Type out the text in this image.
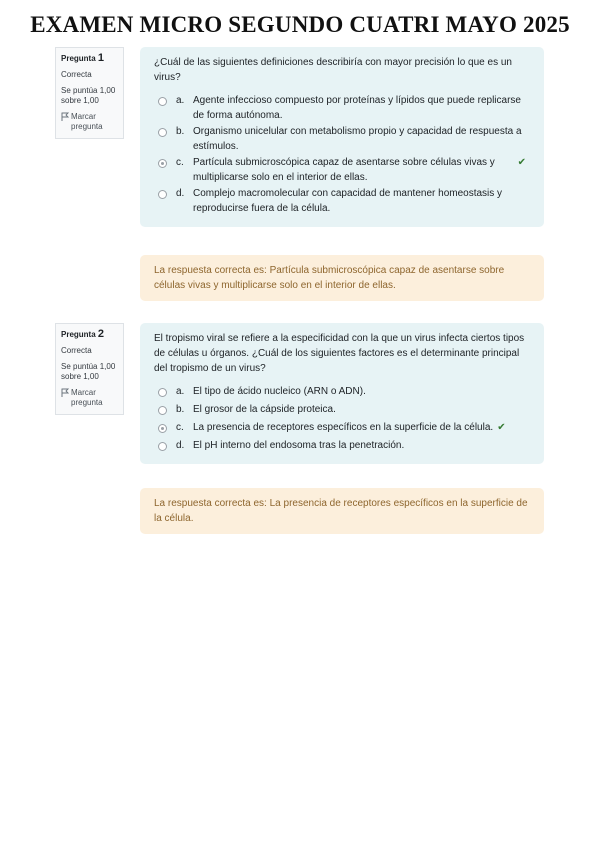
EXAMEN MICRO SEGUNDO CUATRI MAYO 2025
Pregunta 1
Correcta
Se puntúa 1,00 sobre 1,00
Marcar pregunta
¿Cuál de las siguientes definiciones describiría con mayor precisión lo que es un virus?
a. Agente infeccioso compuesto por proteínas y lípidos que puede replicarse de forma autónoma.
b. Organismo unicelular con metabolismo propio y capacidad de respuesta a estímulos.
c. Partícula submicroscópica capaz de asentarse sobre células vivas y multiplicarse solo en el interior de ellas.
✔
d. Complejo macromolecular con capacidad de mantener homeostasis y reproducirse fuera de la célula.
La respuesta correcta es: Partícula submicroscópica capaz de asentarse sobre células vivas y multiplicarse solo en el interior de ellas.
Pregunta 2
Correcta
Se puntúa 1,00 sobre 1,00
Marcar pregunta
El tropismo viral se refiere a la especificidad con la que un virus infecta ciertos tipos de células u órganos. ¿Cuál de los siguientes factores es el determinante principal del tropismo de un virus?
a. El tipo de ácido nucleico (ARN o ADN).
b. El grosor de la cápside proteica.
c. La presencia de receptores específicos en la superficie de la célula. ✔
d. El pH interno del endosoma tras la penetración.
La respuesta correcta es: La presencia de receptores específicos en la superficie de la célula.
